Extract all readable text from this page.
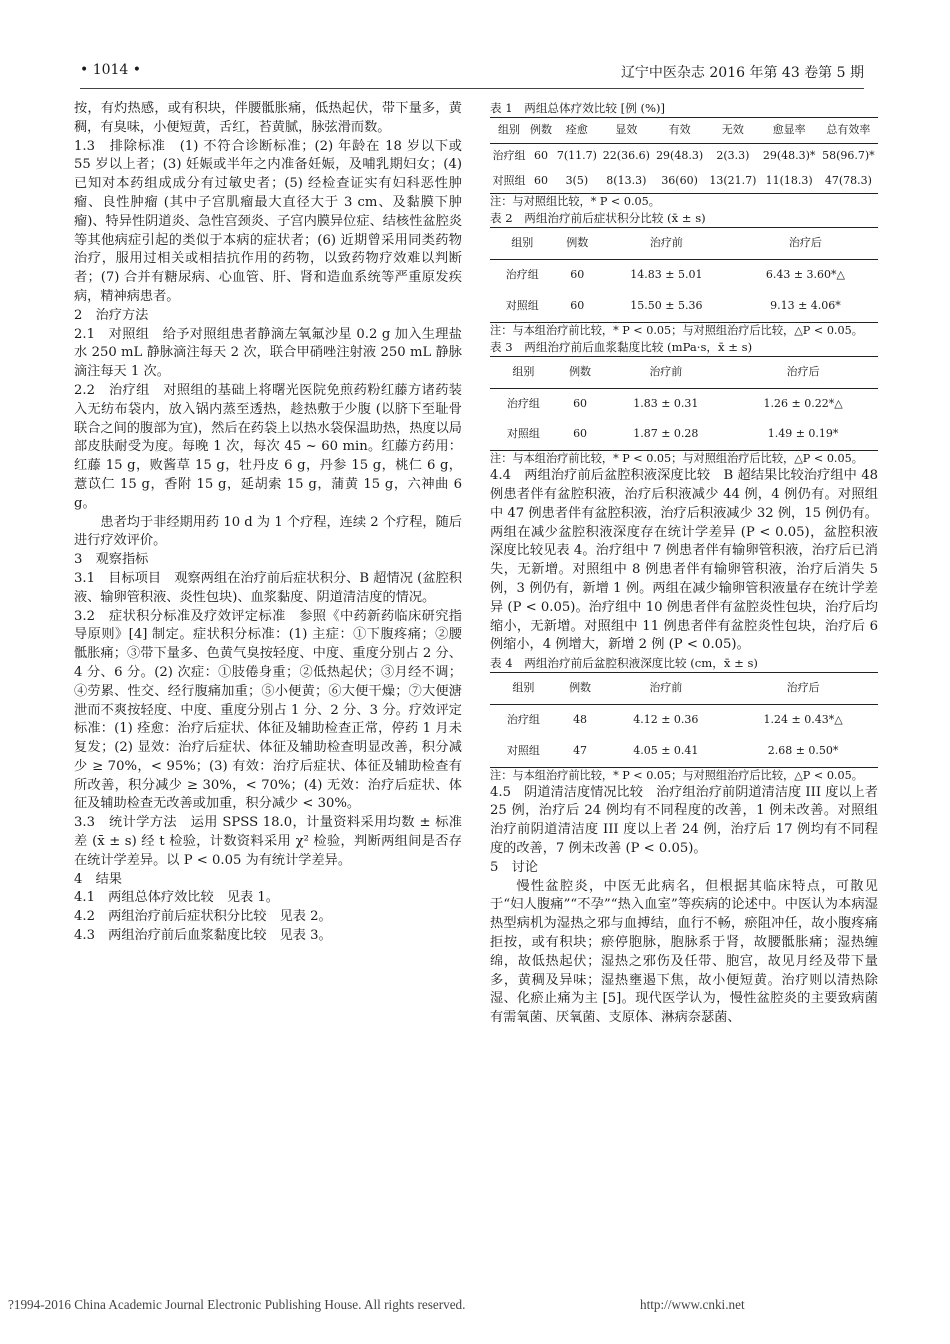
• 1014 •	辽宁中医杂志 2016 年第 43 卷第 5 期

按，有灼热感，或有积块，伴腰骶胀痛，低热起伏，带下量多，黄稠，有臭味，小便短黄，舌红，苔黄腻，脉弦滑而数。

1.3　排除标准　(1) 不符合诊断标准；(2) 年龄在 18 岁以下或 55 岁以上者；(3) 妊娠或半年之内准备妊娠，及哺乳期妇女；(4) 已知对本药组成成分有过敏史者；(5) 经检查证实有妇科恶性肿瘤、良性肿瘤 (其中子宫肌瘤最大直径大于 3 cm、及黏膜下肿瘤)、特异性阴道炎、急性宫颈炎、子宫内膜异位症、结核性盆腔炎等其他病症引起的类似于本病的症状者；(6) 近期曾采用同类药物治疗，服用过相关或相拮抗作用的药物，以致药物疗效难以判断者；(7) 合并有糖尿病、心血管、肝、肾和造血系统等严重原发疾病，精神病患者。

2　治疗方法

2.1　对照组　给予对照组患者静滴左氧氟沙星 0.2 g 加入生理盐水 250 mL 静脉滴注每天 2 次，联合甲硝唑注射液 250 mL 静脉滴注每天 1 次。

2.2　治疗组　对照组的基础上将曙光医院免煎药粉红藤方诸药装入无纺布袋内，放入锅内蒸至透热，趁热敷于少腹 (以脐下至耻骨联合之间的腹部为宜)，然后在药袋上以热水袋保温助热，热度以局部皮肤耐受为度。每晚 1 次，每次 45 ~ 60 min。红藤方药用：红藤 15 g，败酱草 15 g，牡丹皮 6 g，丹参 15 g，桃仁 6 g，薏苡仁 15 g，香附 15 g，延胡索 15 g，蒲黄 15 g，六神曲 6 g。

患者均于非经期用药 10 d 为 1 个疗程，连续 2 个疗程，随后进行疗效评价。

3　观察指标

3.1　目标项目　观察两组在治疗前后症状积分、B 超情况 (盆腔积液、输卵管积液、炎性包块)、血浆黏度、阴道清洁度的情况。

3.2　症状积分标准及疗效评定标准　参照《中药新药临床研究指导原则》[4] 制定。症状积分标准：(1) 主症：①下腹疼痛；②腰骶胀痛；③带下量多、色黄气臭按轻度、中度、重度分别占 2 分、4 分、6 分。(2) 次症：①肢倦身重；②低热起伏；③月经不调；④劳累、性交、经行腹痛加重；⑤小便黄；⑥大便干燥；⑦大便溏泄而不爽按轻度、中度、重度分别占 1 分、2 分、3 分。疗效评定标准：(1) 痊愈：治疗后症状、体征及辅助检查正常，停药 1 月未复发；(2) 显效：治疗后症状、体征及辅助检查明显改善，积分减少 ≥ 70%，< 95%；(3) 有效：治疗后症状、体征及辅助检查有所改善，积分减少 ≥ 30%，< 70%；(4) 无效：治疗后症状、体征及辅助检查无改善或加重，积分减少 < 30%。

3.3　统计学方法　运用 SPSS 18.0，计量资料采用均数 ± 标准差 (x̄ ± s) 经 t 检验，计数资料采用 χ² 检验，判断两组间是否存在统计学差异。以 P < 0.05 为有统计学差异。

4　结果

4.1　两组总体疗效比较　见表 1。

4.2　两组治疗前后症状积分比较　见表 2。

4.3　两组治疗前后血浆黏度比较　见表 3。

表 1　两组总体疗效比较 [例 (%)]

组别	例数	痊愈	显效	有效	无效	愈显率	总有效率
治疗组	60	7(11.7)	22(36.6)	29(48.3)	2(3.3)	29(48.3)*	58(96.7)*
对照组	60	3(5)	8(13.3)	36(60)	13(21.7)	11(18.3)	47(78.3)

注：与对照组比较，* P < 0.05。

表 2　两组治疗前后症状积分比较 (x̄ ± s)

组别	例数	治疗前	治疗后
治疗组	60	14.83 ± 5.01	6.43 ± 3.60*△
对照组	60	15.50 ± 5.36	9.13 ± 4.06*

注：与本组治疗前比较，* P < 0.05；与对照组治疗后比较，△P < 0.05。

表 3　两组治疗前后血浆黏度比较 (mPa·s，x̄ ± s)

组别	例数	治疗前	治疗后
治疗组	60	1.83 ± 0.31	1.26 ± 0.22*△
对照组	60	1.87 ± 0.28	1.49 ± 0.19*

注：与本组治疗前比较，* P < 0.05；与对照组治疗后比较，△P < 0.05。

4.4　两组治疗前后盆腔积液深度比较　B 超结果比较治疗组中 48 例患者伴有盆腔积液，治疗后积液减少 44 例，4 例仍有。对照组中 47 例患者伴有盆腔积液，治疗后积液减少 32 例，15 例仍有。两组在减少盆腔积液深度存在统计学差异 (P < 0.05)，盆腔积液深度比较见表 4。治疗组中 7 例患者伴有输卵管积液，治疗后已消失，无新增。对照组中 8 例患者伴有输卵管积液，治疗后消失 5 例，3 例仍有，新增 1 例。两组在减少输卵管积液量存在统计学差异 (P < 0.05)。治疗组中 10 例患者伴有盆腔炎性包块，治疗后均缩小，无新增。对照组中 11 例患者伴有盆腔炎性包块，治疗后 6 例缩小，4 例增大，新增 2 例 (P < 0.05)。

表 4　两组治疗前后盆腔积液深度比较 (cm，x̄ ± s)

组别	例数	治疗前	治疗后
治疗组	48	4.12 ± 0.36	1.24 ± 0.43*△
对照组	47	4.05 ± 0.41	2.68 ± 0.50*

注：与本组治疗前比较，* P < 0.05；与对照组治疗后比较，△P < 0.05。

4.5　阴道清洁度情况比较　治疗组治疗前阴道清洁度 III 度以上者 25 例，治疗后 24 例均有不同程度的改善，1 例未改善。对照组治疗前阴道清洁度 III 度以上者 24 例，治疗后 17 例均有不同程度的改善，7 例未改善 (P < 0.05)。

5　讨论

慢性盆腔炎，中医无此病名，但根据其临床特点，可散见于“妇人腹痛”“不孕”“热入血室”等疾病的论述中。中医认为本病湿热型病机为湿热之邪与血搏结，血行不畅，瘀阻冲任，故小腹疼痛拒按，或有积块；瘀停胞脉，胞脉系于肾，故腰骶胀痛；湿热缠绵，故低热起伏；湿热之邪伤及任带、胞宫，故见月经及带下量多，黄稠及异味；湿热壅遏下焦，故小便短黄。治疗则以清热除湿、化瘀止痛为主 [5]。现代医学认为，慢性盆腔炎的主要致病菌有需氧菌、厌氧菌、支原体、淋病奈瑟菌、

?1994-2016 China Academic Journal Electronic Publishing House. All rights reserved.	http://www.cnki.net
